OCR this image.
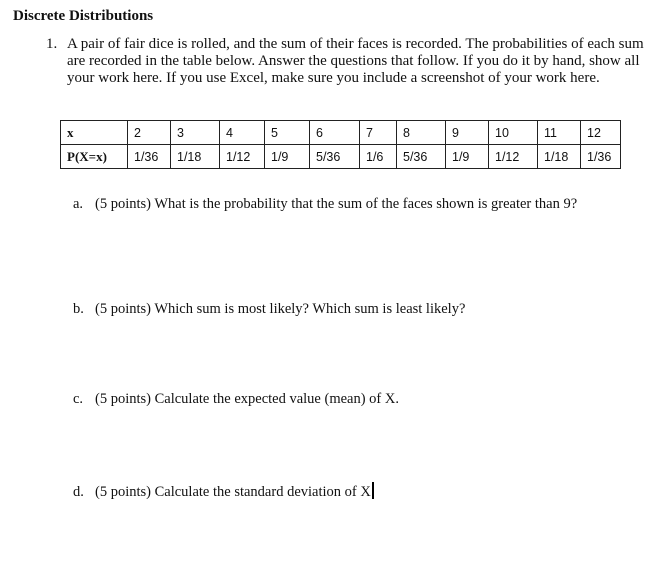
Discrete Distributions
1. A pair of fair dice is rolled, and the sum of their faces is recorded. The probabilities of each sum are recorded in the table below. Answer the questions that follow. If you do it by hand, show all your work here. If you use Excel, make sure you include a screenshot of your work here.
x	2	3	4	5	6	7	8	9	10	11	12
P(X=x)	1/36	1/18	1/12	1/9	5/36	1/6	5/36	1/9	1/12	1/18	1/36
a. (5 points) What is the probability that the sum of the faces shown is greater than 9?
b. (5 points) Which sum is most likely? Which sum is least likely?
c. (5 points) Calculate the expected value (mean) of X.
d. (5 points) Calculate the standard deviation of X
